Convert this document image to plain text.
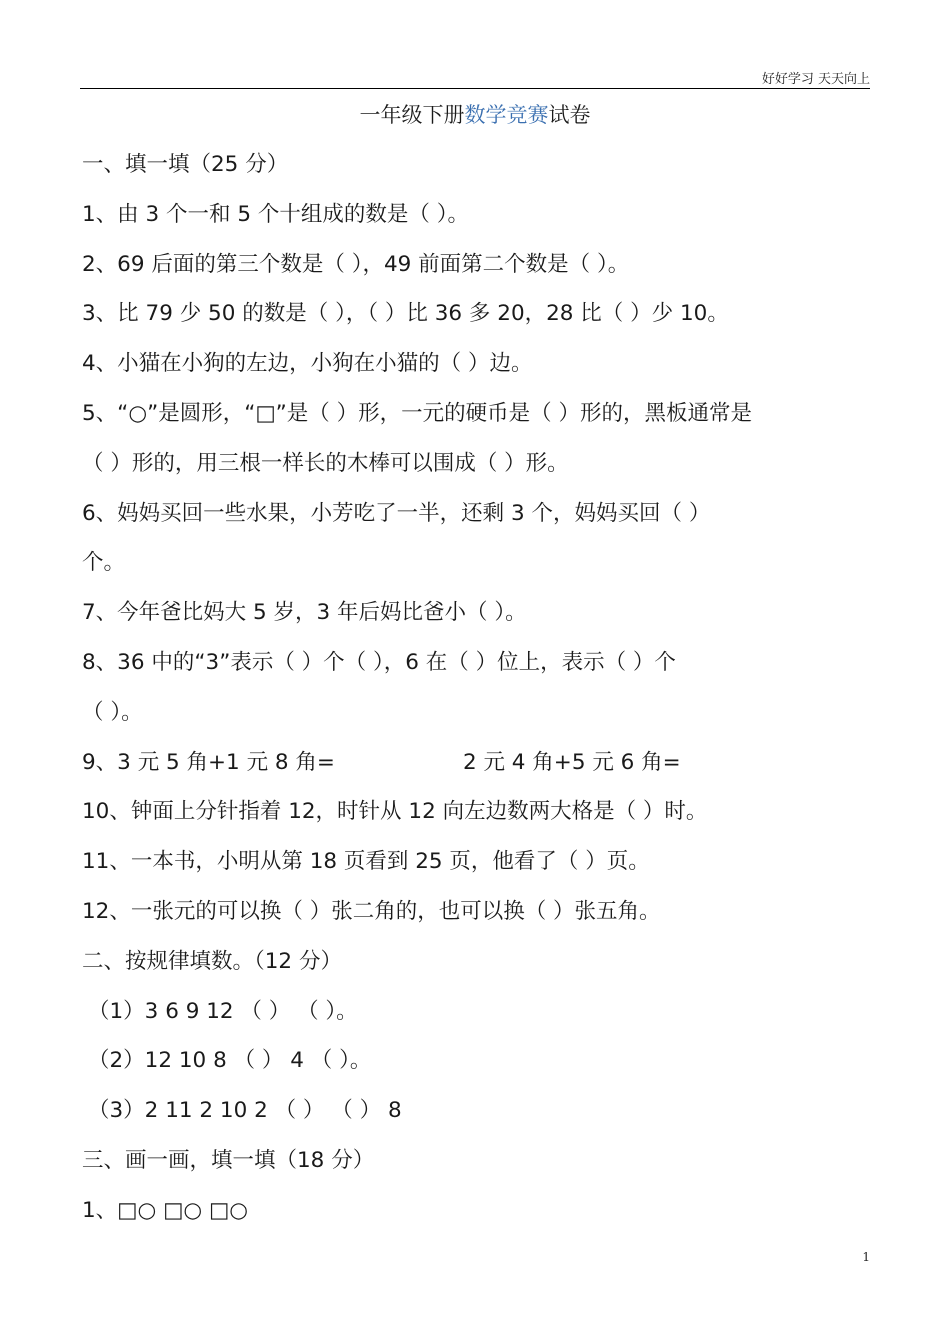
好好学习 天天向上
一年级下册数学竞赛试卷
一、填一填（25 分）
1、由 3 个一和 5 个十组成的数是（ ）。
2、69 后面的第三个数是（ ），49 前面第二个数是（ ）。
3、比 79 少 50 的数是（ ），（ ）比 36 多 20，28 比（ ）少 10。
4、小猫在小狗的左边，小狗在小猫的（ ）边。
5、“○”是圆形，“□”是（ ）形，一元的硬币是（ ）形的，黑板通常是
（ ）形的，用三根一样长的木棒可以围成（ ）形。
6、妈妈买回一些水果，小芳吃了一半，还剩 3 个，妈妈买回（ ）
个。
7、今年爸比妈大 5 岁，3 年后妈比爸小（ ）。
8、36 中的“3”表示（ ）个（ ），6 在（ ）位上，表示（ ）个
（ ）。
9、3 元 5 角+1 元 8 角=	2 元 4 角+5 元 6 角=
10、钟面上分针指着 12，时针从 12 向左边数两大格是（ ）时。
11、一本书，小明从第 18 页看到 25 页，他看了（ ）页。
12、一张元的可以换（ ）张二角的，也可以换（ ）张五角。
二、按规律填数。（12 分）
（1）3 6 9 12 （ ） （ ）。
（2）12 10 8 （ ） 4 （ ）。
（3）2 11 2 10 2 （ ） （ ） 8
三、画一画，填一填（18 分）
1、□○ □○ □○
1
